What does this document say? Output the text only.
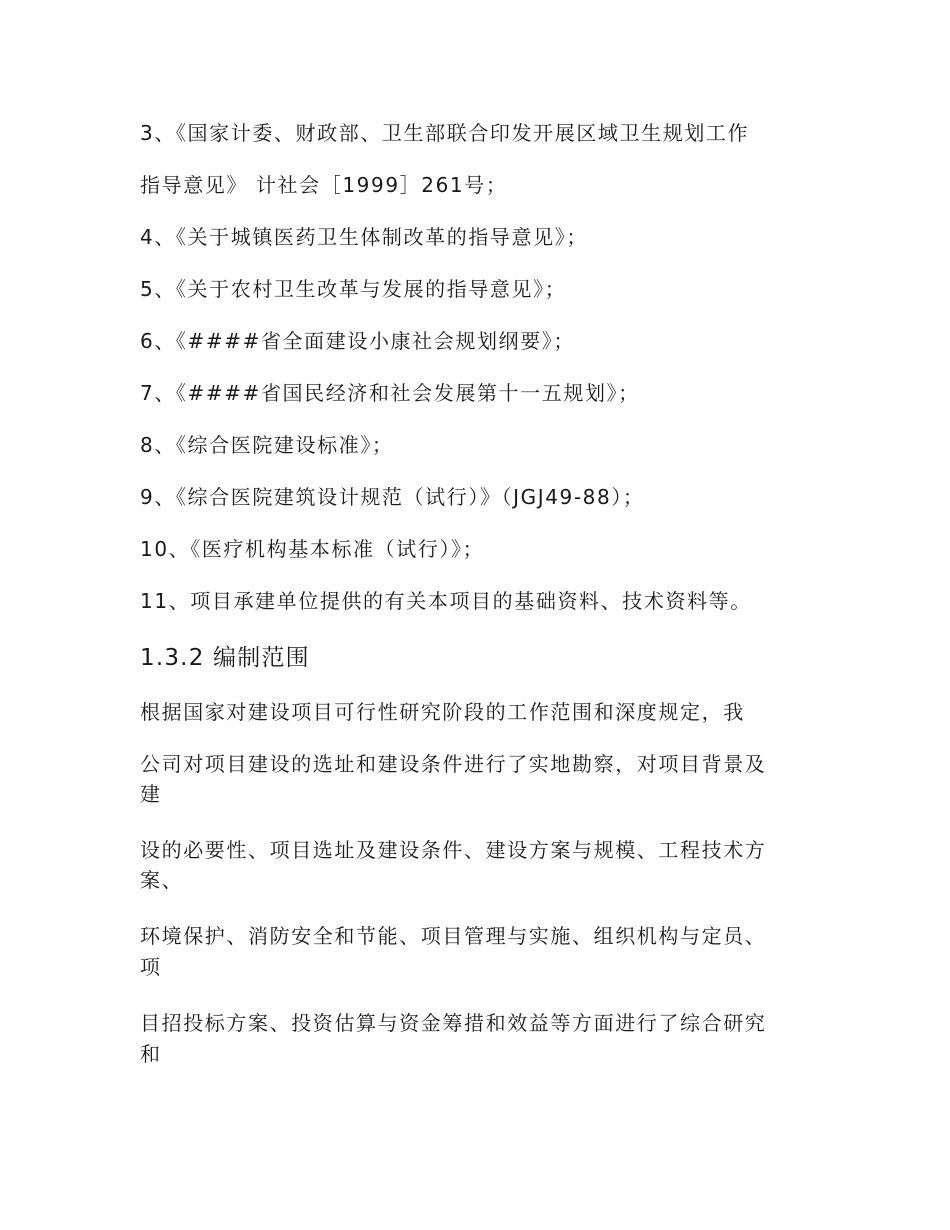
3、《国家计委、财政部、卫生部联合印发开展区域卫生规划工作
指导意见》 计社会［1999］261号；
4、《关于城镇医药卫生体制改革的指导意见》；
5、《关于农村卫生改革与发展的指导意见》；
6、《####省全面建设小康社会规划纲要》；
7、《####省国民经济和社会发展第十一五规划》；
8、《综合医院建设标准》；
9、《综合医院建筑设计规范（试行）》（JGJ49-88）；
10、《医疗机构基本标准（试行）》；
11、项目承建单位提供的有关本项目的基础资料、技术资料等。
1.3.2 编制范围
根据国家对建设项目可行性研究阶段的工作范围和深度规定，我
公司对项目建设的选址和建设条件进行了实地勘察，对项目背景及
建
设的必要性、项目选址及建设条件、建设方案与规模、工程技术方
案、
环境保护、消防安全和节能、项目管理与实施、组织机构与定员、
项
目招投标方案、投资估算与资金筹措和效益等方面进行了综合研究
和
